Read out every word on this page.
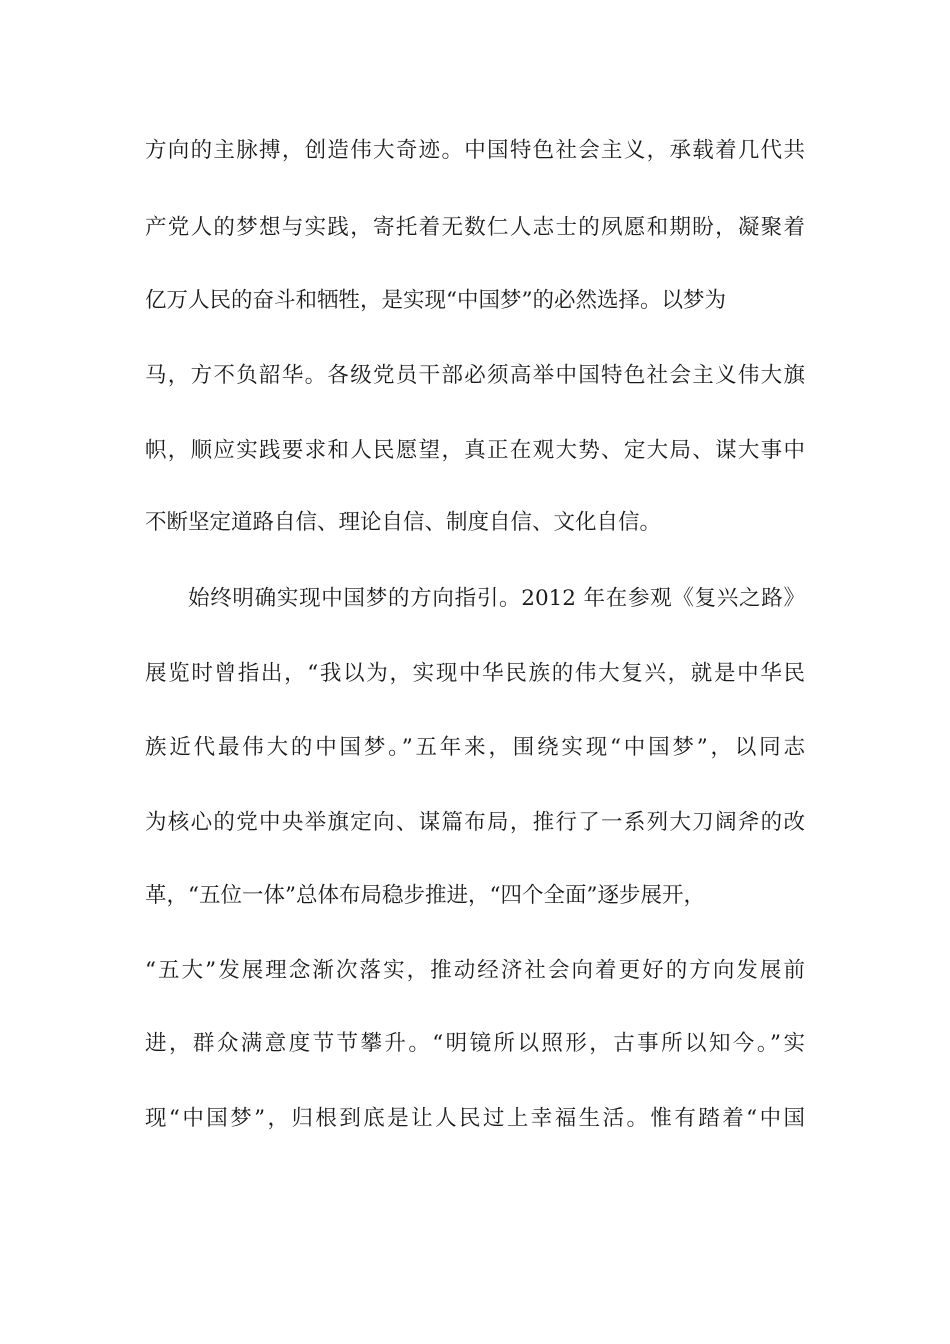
方向的主脉搏，创造伟大奇迹。中国特色社会主义，承载着几代共
产党人的梦想与实践，寄托着无数仁人志士的夙愿和期盼，凝聚着
亿万人民的奋斗和牺牲，是实现“中国梦”的必然选择。以梦为
马，方不负韶华。各级党员干部必须高举中国特色社会主义伟大旗
帜，顺应实践要求和人民愿望，真正在观大势、定大局、谋大事中
不断坚定道路自信、理论自信、制度自信、文化自信。
始终明确实现中国梦的方向指引。2012 年在参观《复兴之路》
展览时曾指出，“我以为，实现中华民族的伟大复兴，就是中华民
族近代最伟大的中国梦。”五年来，围绕实现“中国梦”，以同志
为核心的党中央举旗定向、谋篇布局，推行了一系列大刀阔斧的改
革，“五位一体”总体布局稳步推进，“四个全面”逐步展开，
“五大”发展理念渐次落实，推动经济社会向着更好的方向发展前
进，群众满意度节节攀升。“明镜所以照形，古事所以知今。”实
现“中国梦”，归根到底是让人民过上幸福生活。惟有踏着“中国
